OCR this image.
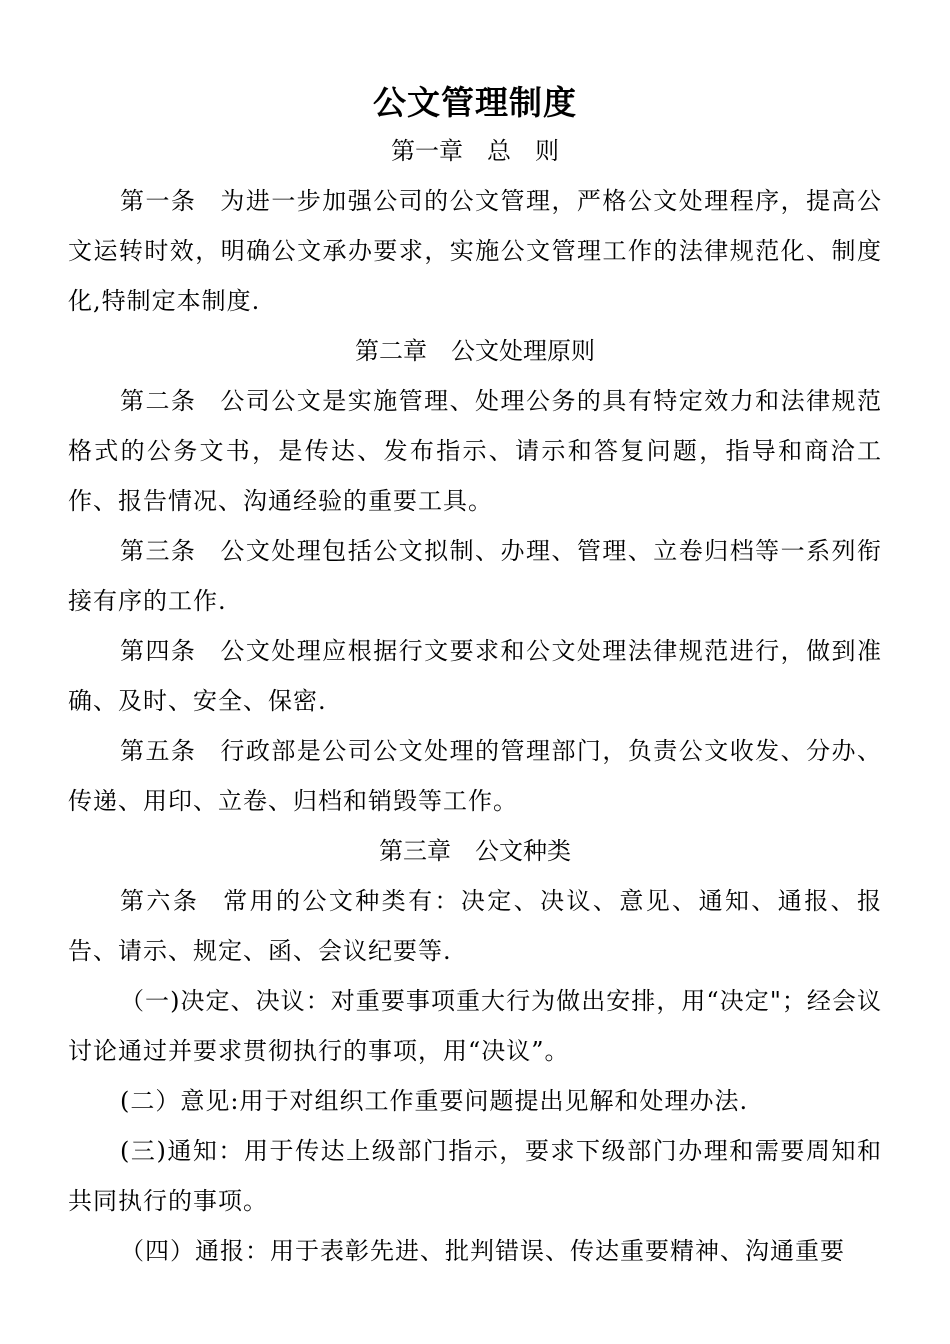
公文管理制度

第一章　总　则

第一条 为进一步加强公司的公文管理，严格公文处理程序，提高公文运转时效，明确公文承办要求，实施公文管理工作的法律规范化、制度化,特制定本制度.

第二章　公文处理原则

第二条 公司公文是实施管理、处理公务的具有特定效力和法律规范格式的公务文书，是传达、发布指示、请示和答复问题，指导和商洽工作、报告情况、沟通经验的重要工具。

第三条 公文处理包括公文拟制、办理、管理、立卷归档等一系列衔接有序的工作.

第四条 公文处理应根据行文要求和公文处理法律规范进行，做到准确、及时、安全、保密.

第五条 行政部是公司公文处理的管理部门，负责公文收发、分办、传递、用印、立卷、归档和销毁等工作。

第三章　公文种类

第六条 常用的公文种类有：决定、决议、意见、通知、通报、报告、请示、规定、函、会议纪要等.

（一)决定、决议：对重要事项重大行为做出安排，用“决定"；经会议讨论通过并要求贯彻执行的事项，用“决议”。

(二）意见:用于对组织工作重要问题提出见解和处理办法.

(三)通知：用于传达上级部门指示，要求下级部门办理和需要周知和共同执行的事项。

（四）通报：用于表彰先进、批判错误、传达重要精神、沟通重要
